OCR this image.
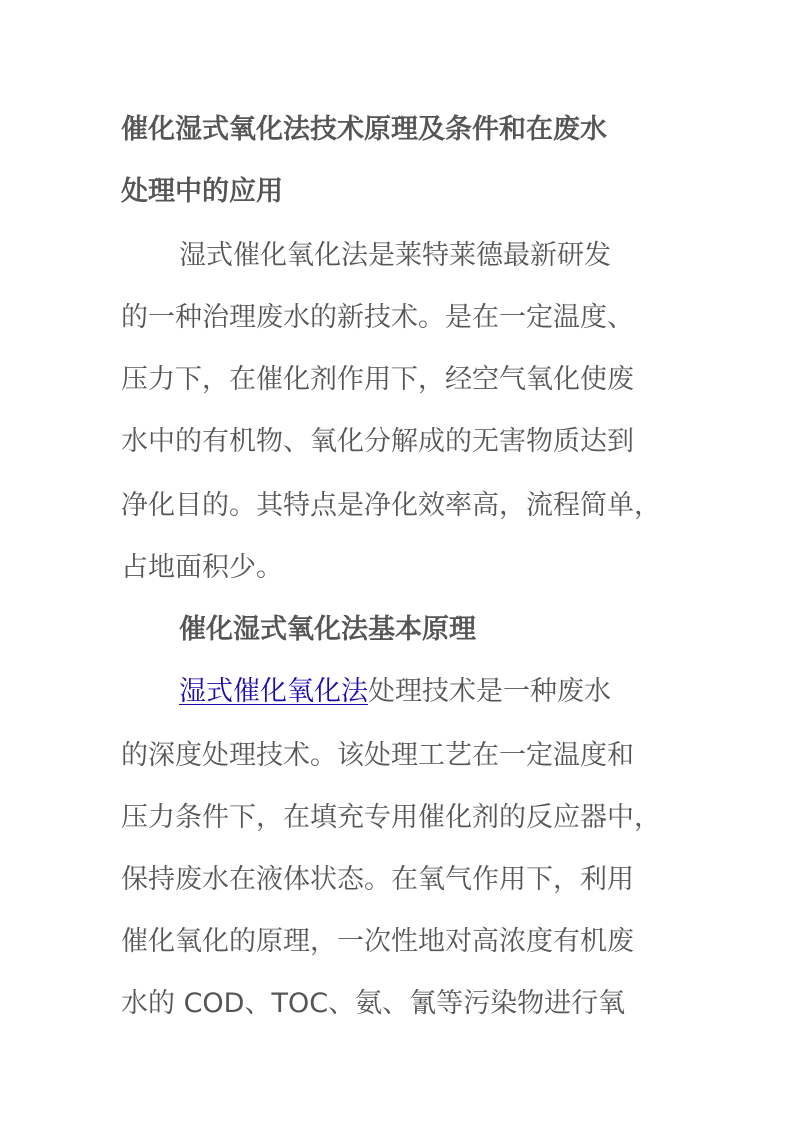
催化湿式氧化法技术原理及条件和在废水
处理中的应用
湿式催化氧化法是莱特莱德最新研发
的一种治理废水的新技术。是在一定温度、
压力下，在催化剂作用下，经空气氧化使废
水中的有机物、氧化分解成的无害物质达到
净化目的。其特点是净化效率高，流程简单，
占地面积少。
催化湿式氧化法基本原理
湿式催化氧化法处理技术是一种废水
的深度处理技术。该处理工艺在一定温度和
压力条件下，在填充专用催化剂的反应器中，
保持废水在液体状态。在氧气作用下，利用
催化氧化的原理，一次性地对高浓度有机废
水的 COD、TOC、氨、氰等污染物进行氧
